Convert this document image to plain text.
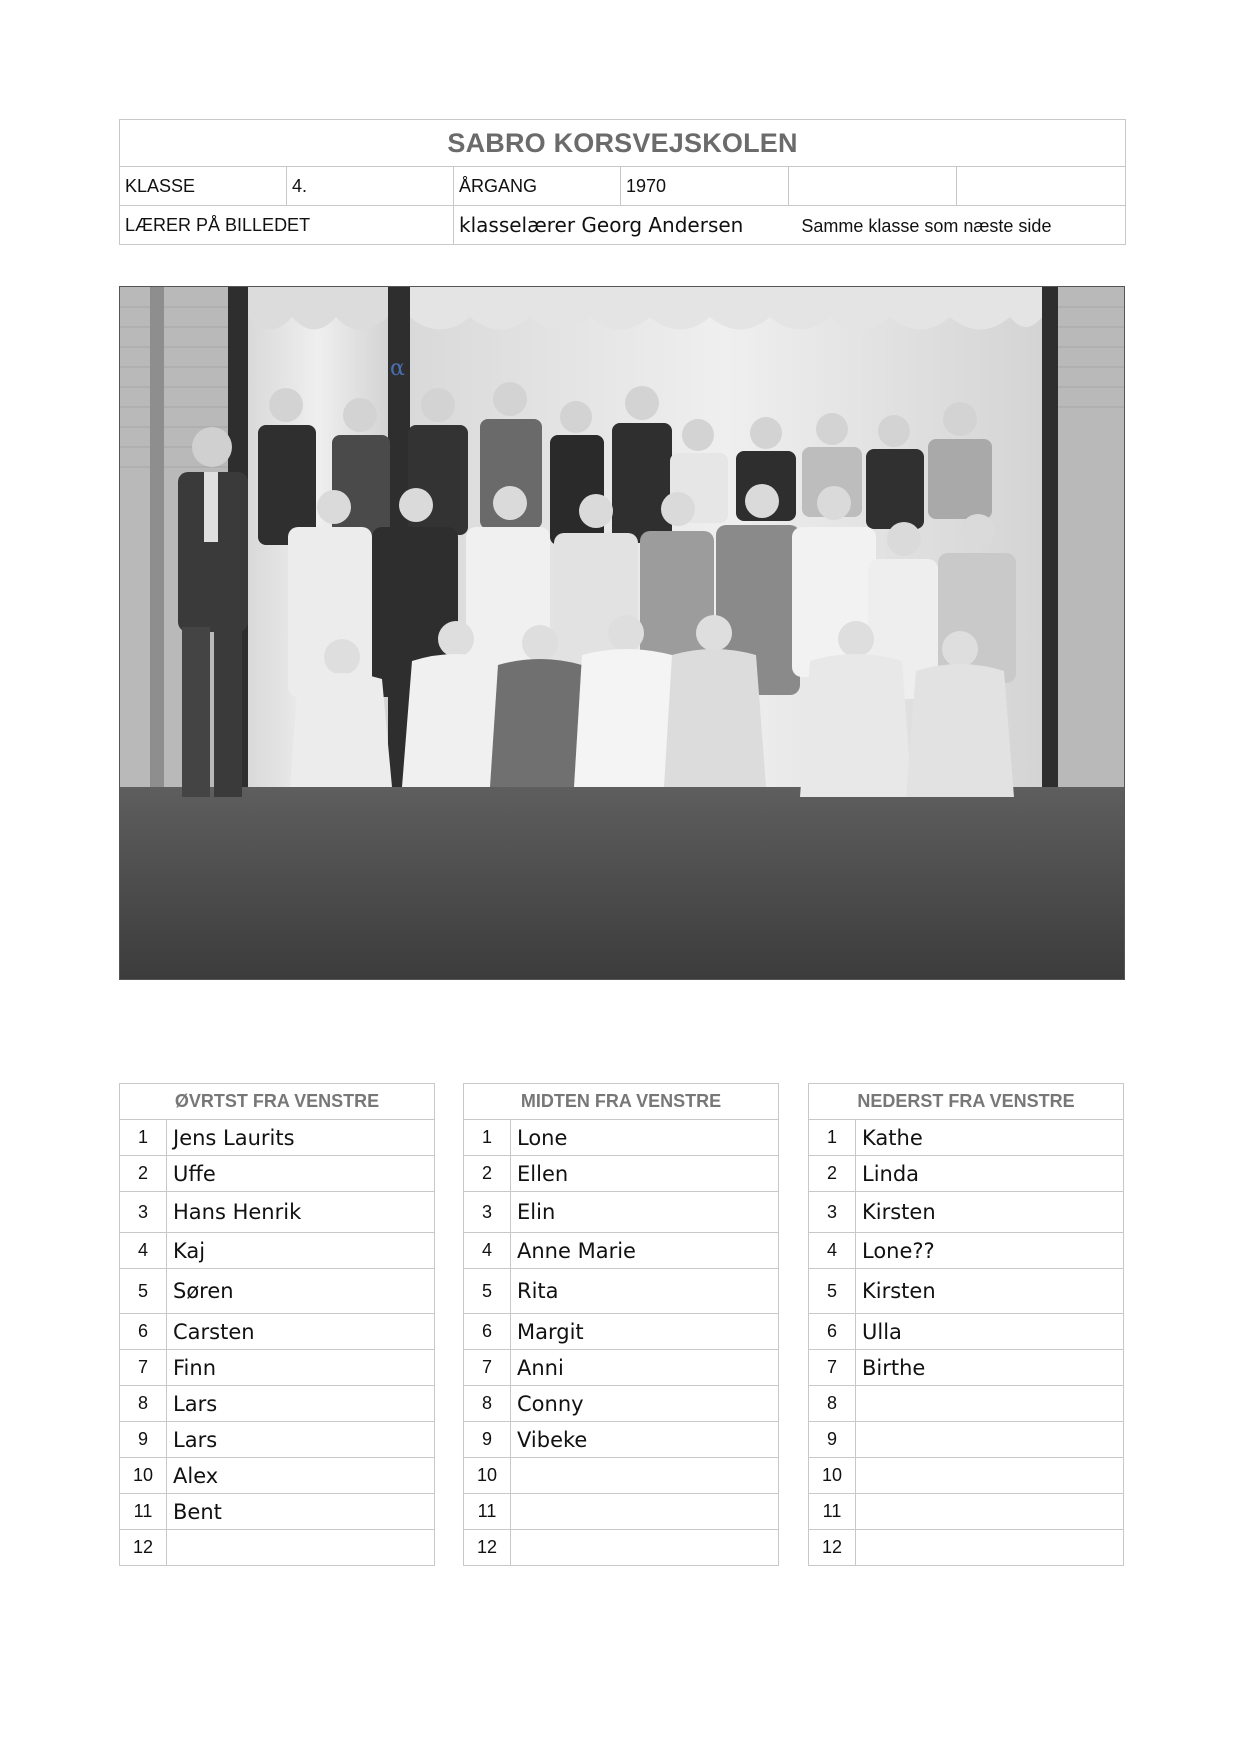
SABRO KORSVEJSKOLEN					
KLASSE	4.	ÅRGANG	1970		
LÆRER PÅ BILLEDET		klasselærer Georg Andersen Samme klasse som næste side			
α
ØVRTST FRA VENSTRE	
1	Jens Laurits
2	Uffe
3	Hans Henrik
4	Kaj
5	Søren
6	Carsten
7	Finn
8	Lars
9	Lars
10	Alex
11	Bent
12	
MIDTEN FRA VENSTRE	
1	Lone
2	Ellen
3	Elin
4	Anne Marie
5	Rita
6	Margit
7	Anni
8	Conny
9	Vibeke
10	
11	
12	
NEDERST FRA VENSTRE	
1	Kathe
2	Linda
3	Kirsten
4	Lone??
5	Kirsten
6	Ulla
7	Birthe
8	
9	
10	
11	
12	
